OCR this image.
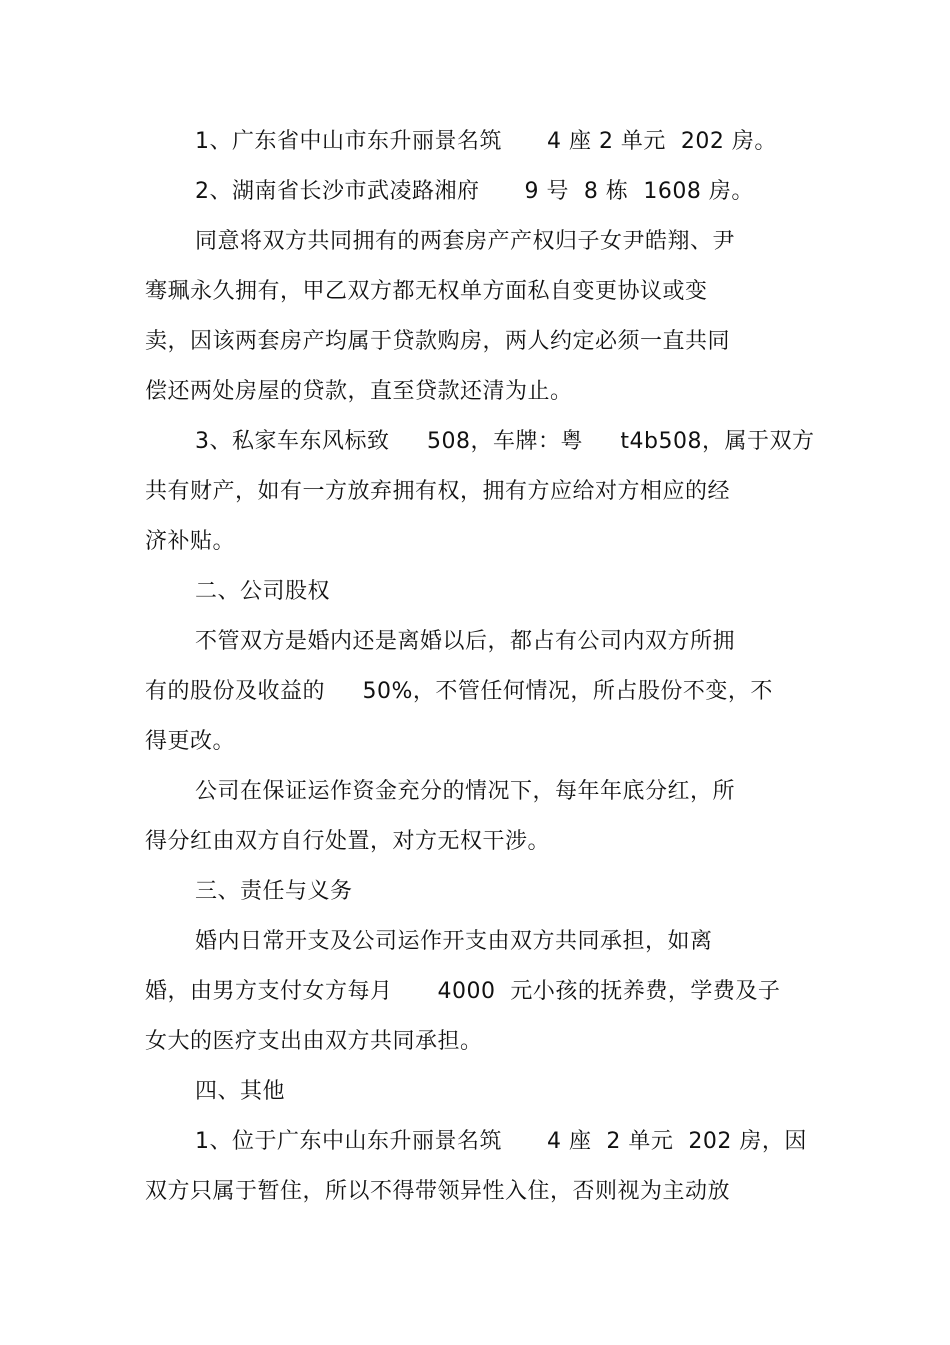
1、广东省中山市东升丽景名筑      4 座 2 单元  202 房。
2、湖南省长沙市武凌路湘府      9 号  8 栋  1608 房。
同意将双方共同拥有的两套房产产权归子女尹皓翔、尹
骞珮永久拥有，甲乙双方都无权单方面私自变更协议或变
卖，因该两套房产均属于贷款购房，两人约定必须一直共同
偿还两处房屋的贷款，直至贷款还清为止。
3、私家车东风标致     508，车牌：粤     t4b508，属于双方
共有财产，如有一方放弃拥有权，拥有方应给对方相应的经
济补贴。
二、公司股权
不管双方是婚内还是离婚以后，都占有公司内双方所拥
有的股份及收益的     50%，不管任何情况，所占股份不变，不
得更改。
公司在保证运作资金充分的情况下，每年年底分红，所
得分红由双方自行处置，对方无权干涉。
三、责任与义务
婚内日常开支及公司运作开支由双方共同承担，如离
婚，由男方支付女方每月      4000  元小孩的抚养费，学费及子
女大的医疗支出由双方共同承担。
四、其他
1、位于广东中山东升丽景名筑      4 座  2 单元  202 房，因
双方只属于暂住，所以不得带领异性入住，否则视为主动放
